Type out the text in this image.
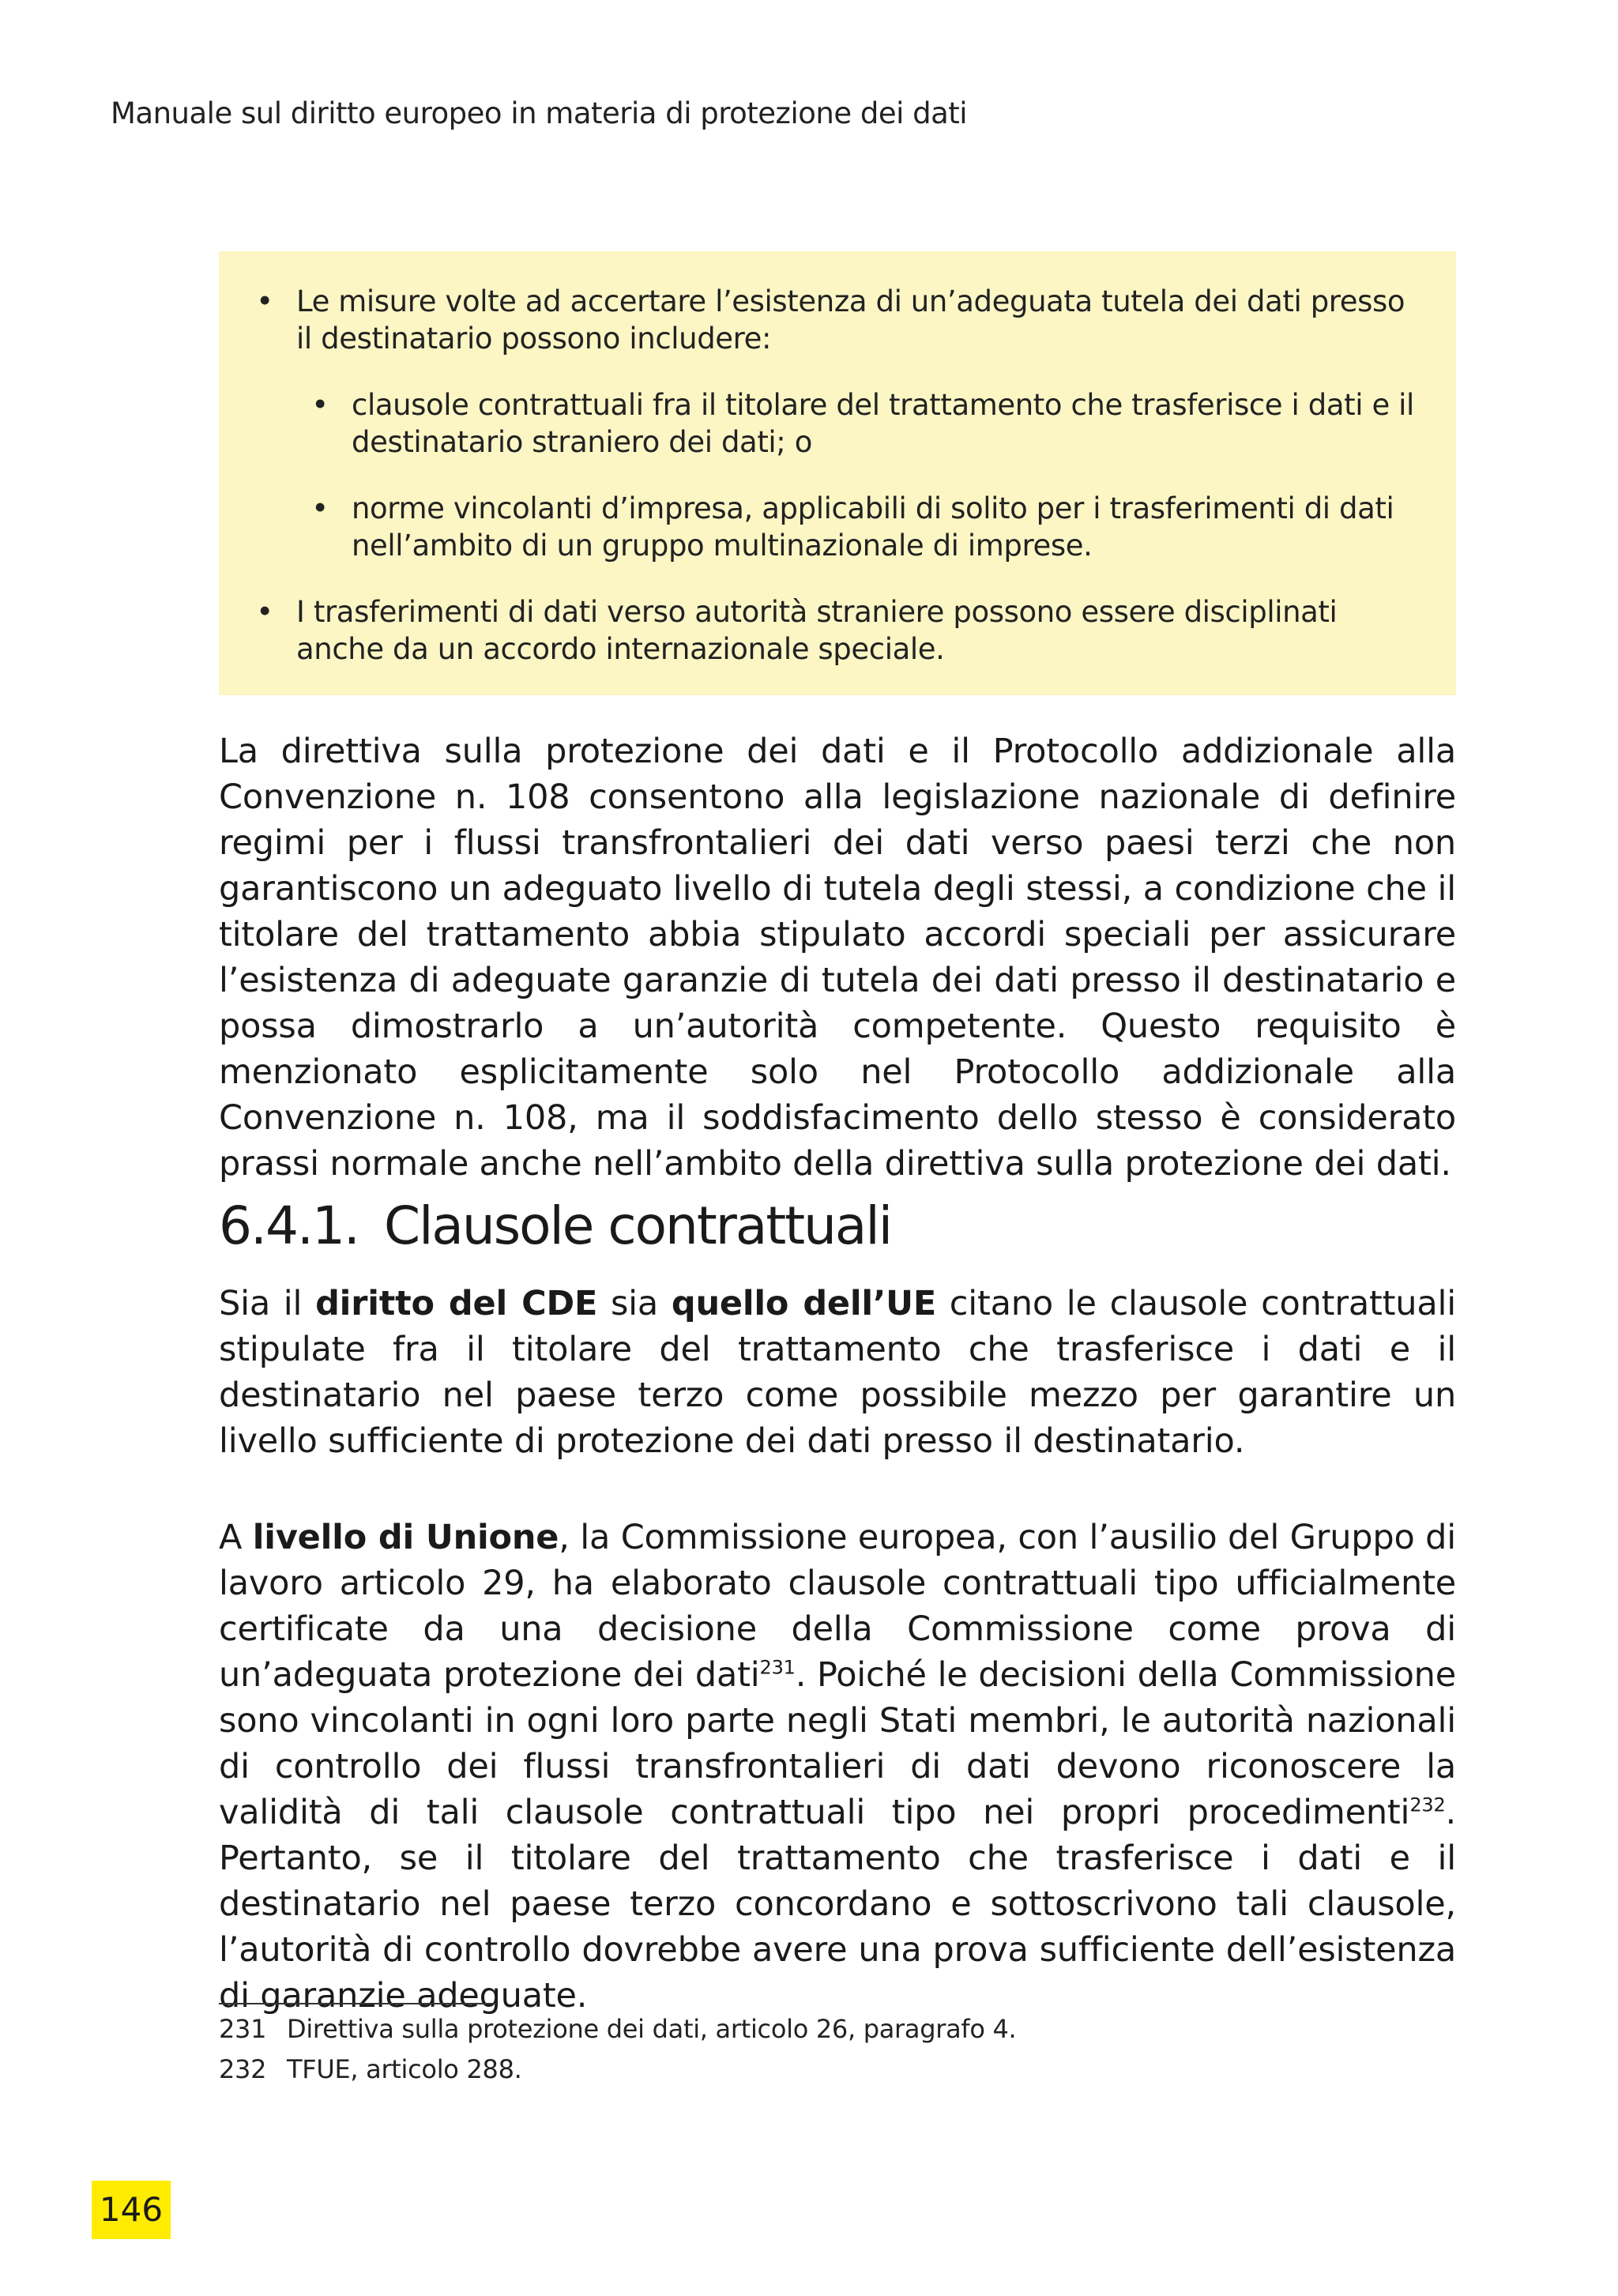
Manuale sul diritto europeo in materia di protezione dei dati
• Le misure volte ad accertare l’esistenza di un’adeguata tutela dei dati presso il destinatario possono includere:
• clausole contrattuali fra il titolare del trattamento che trasferisce i dati e il destinatario straniero dei dati; o
• norme vincolanti d’impresa, applicabili di solito per i trasferimenti di dati nell’ambito di un gruppo multinazionale di imprese.
• I trasferimenti di dati verso autorità straniere possono essere disciplinati anche da un accordo internazionale speciale.

La direttiva sulla protezione dei dati e il Protocollo addizionale alla Convenzione n. 108 consentono alla legislazione nazionale di definire regimi per i flussi transfrontalieri dei dati verso paesi terzi che non garantiscono un adeguato livello di tutela degli stessi, a condizione che il titolare del trattamento abbia stipulato accordi speciali per assicurare l’esistenza di adeguate garanzie di tutela dei dati presso il destinatario e possa dimostrarlo a un’autorità competente. Questo requisito è menzionato esplicitamente solo nel Protocollo addizionale alla Convenzione n. 108, ma il soddisfacimento dello stesso è considerato prassi normale anche nell’ambito della direttiva sulla protezione dei dati.

6.4.1. Clausole contrattuali

Sia il diritto del CDE sia quello dell’UE citano le clausole contrattuali stipulate fra il titolare del trattamento che trasferisce i dati e il destinatario nel paese terzo come possibile mezzo per garantire un livello sufficiente di protezione dei dati presso il destinatario.

A livello di Unione, la Commissione europea, con l’ausilio del Gruppo di lavoro articolo 29, ha elaborato clausole contrattuali tipo ufficialmente certificate da una decisione della Commissione come prova di un’adeguata protezione dei dati$^{231}$. Poiché le decisioni della Commissione sono vincolanti in ogni loro parte negli Stati membri, le autorità nazionali di controllo dei flussi transfrontalieri di dati devono riconoscere la validità di tali clausole contrattuali tipo nei propri procedimenti$^{232}$. Pertanto, se il titolare del trattamento che trasferisce i dati e il destinatario nel paese terzo concordano e sottoscrivono tali clausole, l’autorità di controllo dovrebbe avere una prova sufficiente dell’esistenza di garanzie adeguate.

231 Direttiva sulla protezione dei dati, articolo 26, paragrafo 4.
232 TFUE, articolo 288.
146
